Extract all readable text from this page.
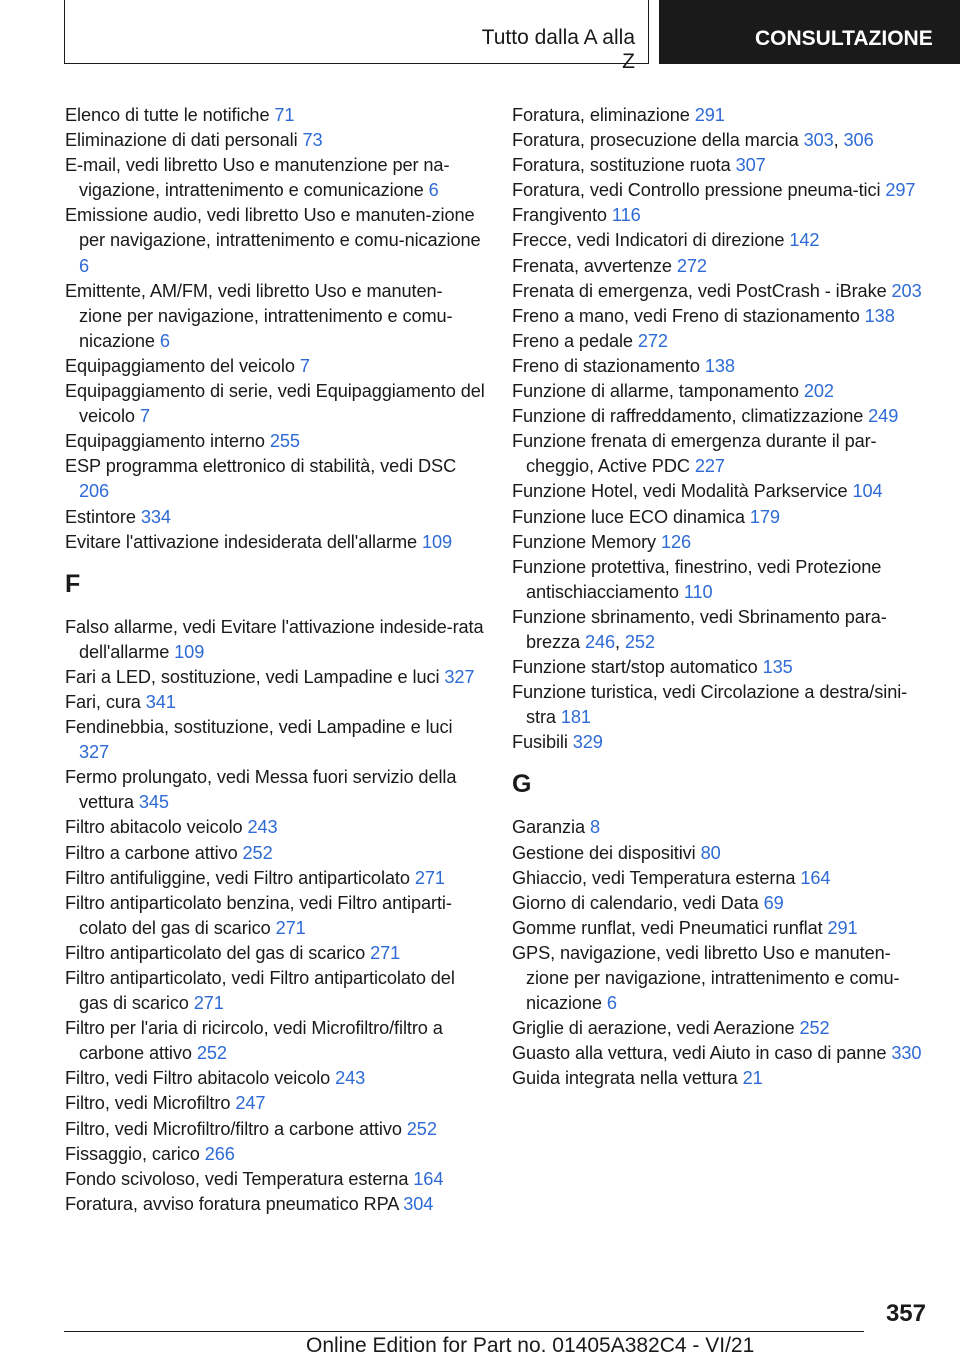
Tutto dalla A alla Z
CONSULTAZIONE
Elenco di tutte le notifiche 71
Eliminazione di dati personali 73
E-mail, vedi libretto Uso e manutenzione per na‐vigazione, intrattenimento e comunicazione 6
Emissione audio, vedi libretto Uso e manuten‐zione per navigazione, intrattenimento e comu‐nicazione 6
Emittente, AM/FM, vedi libretto Uso e manuten‐zione per navigazione, intrattenimento e comu‐nicazione 6
Equipaggiamento del veicolo 7
Equipaggiamento di serie, vedi Equipaggiamento del veicolo 7
Equipaggiamento interno 255
ESP programma elettronico di stabilità, vedi DSC 206
Estintore 334
Evitare l'attivazione indesiderata dell'allarme 109
F
Falso allarme, vedi Evitare l'attivazione indeside‐rata dell'allarme 109
Fari a LED, sostituzione, vedi Lampadine e luci 327
Fari, cura 341
Fendinebbia, sostituzione, vedi Lampadine e luci 327
Fermo prolungato, vedi Messa fuori servizio della vettura 345
Filtro abitacolo veicolo 243
Filtro a carbone attivo 252
Filtro antifuliggine, vedi Filtro antiparticolato 271
Filtro antiparticolato benzina, vedi Filtro antiparti‐colato del gas di scarico 271
Filtro antiparticolato del gas di scarico 271
Filtro antiparticolato, vedi Filtro antiparticolato del gas di scarico 271
Filtro per l'aria di ricircolo, vedi Microfiltro/filtro a carbone attivo 252
Filtro, vedi Filtro abitacolo veicolo 243
Filtro, vedi Microfiltro 247
Filtro, vedi Microfiltro/filtro a carbone attivo 252
Fissaggio, carico 266
Fondo scivoloso, vedi Temperatura esterna 164
Foratura, avviso foratura pneumatico RPA 304
Foratura, eliminazione 291
Foratura, prosecuzione della marcia 303, 306
Foratura, sostituzione ruota 307
Foratura, vedi Controllo pressione pneuma‐tici 297
Frangivento 116
Frecce, vedi Indicatori di direzione 142
Frenata, avvertenze 272
Frenata di emergenza, vedi PostCrash - iBrake 203
Freno a mano, vedi Freno di stazionamento 138
Freno a pedale 272
Freno di stazionamento 138
Funzione di allarme, tamponamento 202
Funzione di raffreddamento, climatizzazione 249
Funzione frenata di emergenza durante il par‐cheggio, Active PDC 227
Funzione Hotel, vedi Modalità Parkservice 104
Funzione luce ECO dinamica 179
Funzione Memory 126
Funzione protettiva, finestrino, vedi Protezione antischiacciamento 110
Funzione sbrinamento, vedi Sbrinamento para‐brezza 246, 252
Funzione start/stop automatico 135
Funzione turistica, vedi Circolazione a destra/sini‐stra 181
Fusibili 329
G
Garanzia 8
Gestione dei dispositivi 80
Ghiaccio, vedi Temperatura esterna 164
Giorno di calendario, vedi Data 69
Gomme runflat, vedi Pneumatici runflat 291
GPS, navigazione, vedi libretto Uso e manuten‐zione per navigazione, intrattenimento e comu‐nicazione 6
Griglie di aerazione, vedi Aerazione 252
Guasto alla vettura, vedi Aiuto in caso di panne 330
Guida integrata nella vettura 21
357
Online Edition for Part no. 01405A382C4 - VI/21
